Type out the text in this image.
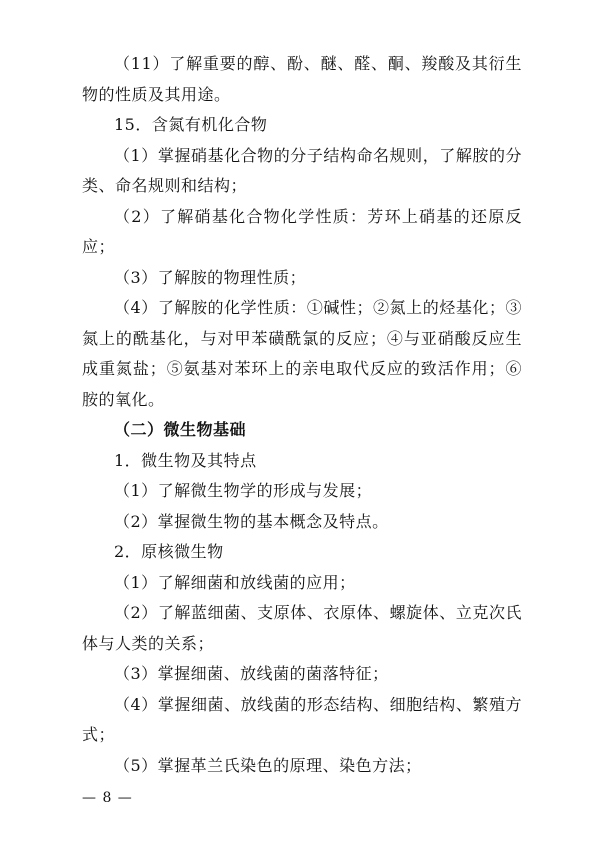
（11）了解重要的醇、酚、醚、醛、酮、羧酸及其衍生物的性质及其用途。

15．含氮有机化合物

（1）掌握硝基化合物的分子结构命名规则，了解胺的分类、命名规则和结构；

（2）了解硝基化合物化学性质：芳环上硝基的还原反应；

（3）了解胺的物理性质；

（4）了解胺的化学性质：①碱性；②氮上的烃基化；③氮上的酰基化，与对甲苯磺酰氯的反应；④与亚硝酸反应生成重氮盐；⑤氨基对苯环上的亲电取代反应的致活作用；⑥胺的氧化。

（二）微生物基础

1．微生物及其特点

（1）了解微生物学的形成与发展；

（2）掌握微生物的基本概念及特点。

2．原核微生物

（1）了解细菌和放线菌的应用；

（2）了解蓝细菌、支原体、衣原体、螺旋体、立克次氏体与人类的关系；

（3）掌握细菌、放线菌的菌落特征；

（4）掌握细菌、放线菌的形态结构、细胞结构、繁殖方式；

（5）掌握革兰氏染色的原理、染色方法；

— 8 —
